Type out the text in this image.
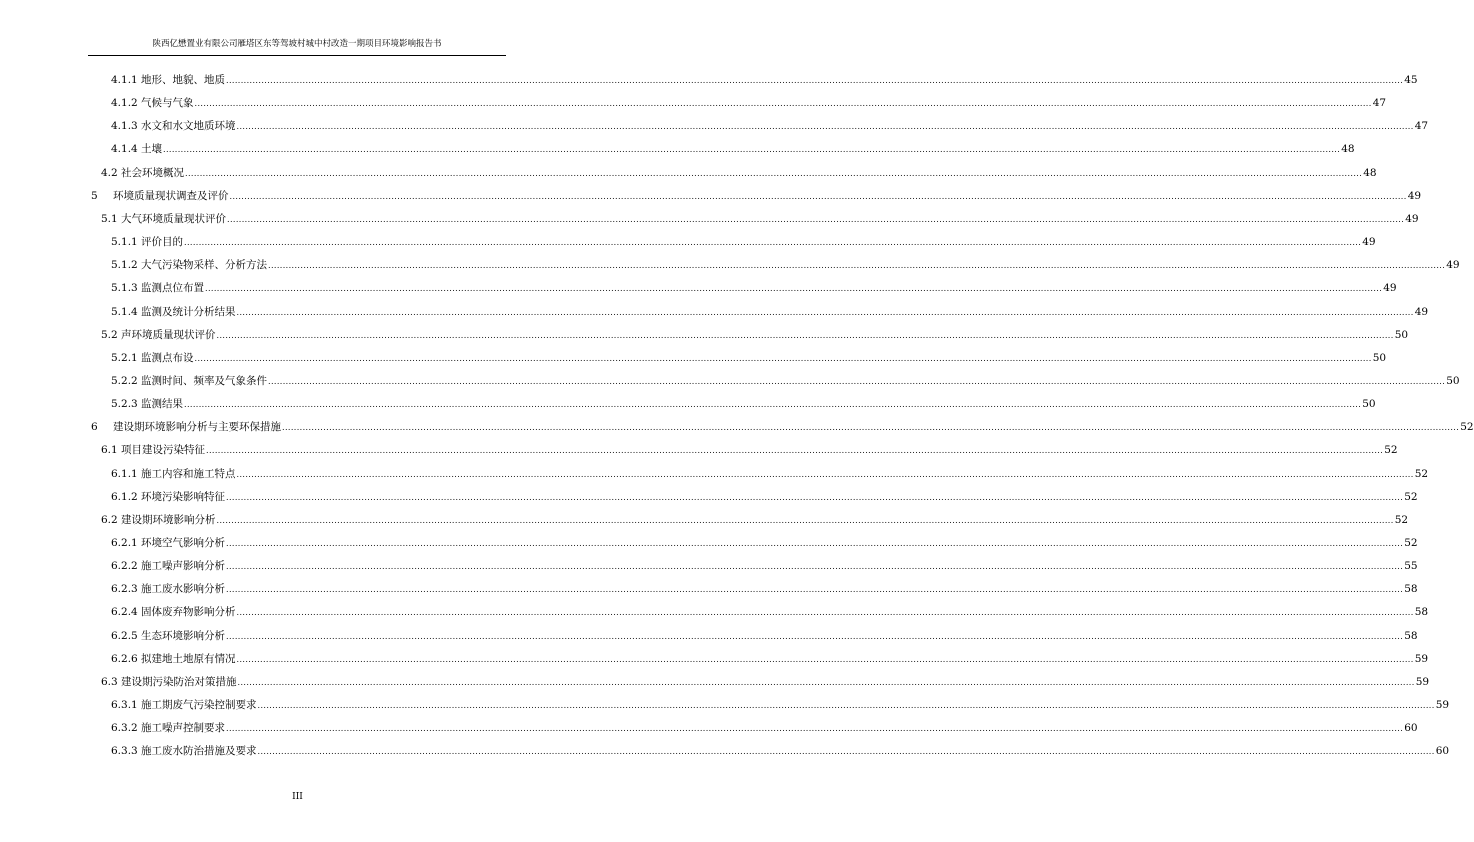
陕西亿懋置业有限公司雁塔区东等驾坡村城中村改造一期项目环境影响报告书
4.1.1 地形、地貌、地质 ................................................................................................................................................................................................................................................................................................................................................................................................................ 45
4.1.2 气候与气象 ................................................................................................................................................................................................................................................................................................................................................................................................................ 47
4.1.3 水文和水文地质环境 ................................................................................................................................................................................................................................................................................................................................................................................................................ 47
4.1.4 土壤 ................................................................................................................................................................................................................................................................................................................................................................................................................ 48
4.2 社会环境概况 ................................................................................................................................................................................................................................................................................................................................................................................................................ 48
5	环境质量现状调查及评价 ................................................................................................................................................................................................................................................................................................................................................................................................................ 49
5.1 大气环境质量现状评价 ................................................................................................................................................................................................................................................................................................................................................................................................................ 49
5.1.1 评价目的 ................................................................................................................................................................................................................................................................................................................................................................................................................ 49
5.1.2 大气污染物采样、分析方法 ................................................................................................................................................................................................................................................................................................................................................................................................................ 49
5.1.3 监测点位布置 ................................................................................................................................................................................................................................................................................................................................................................................................................ 49
5.1.4 监测及统计分析结果 ................................................................................................................................................................................................................................................................................................................................................................................................................ 49
5.2 声环境质量现状评价 ................................................................................................................................................................................................................................................................................................................................................................................................................ 50
5.2.1 监测点布设 ................................................................................................................................................................................................................................................................................................................................................................................................................ 50
5.2.2 监测时间、频率及气象条件 ................................................................................................................................................................................................................................................................................................................................................................................................................ 50
5.2.3 监测结果 ................................................................................................................................................................................................................................................................................................................................................................................................................ 50
6	建设期环境影响分析与主要环保措施 ................................................................................................................................................................................................................................................................................................................................................................................................................ 52
6.1 项目建设污染特征 ................................................................................................................................................................................................................................................................................................................................................................................................................ 52
6.1.1 施工内容和施工特点 ................................................................................................................................................................................................................................................................................................................................................................................................................ 52
6.1.2 环境污染影响特征 ................................................................................................................................................................................................................................................................................................................................................................................................................ 52
6.2 建设期环境影响分析 ................................................................................................................................................................................................................................................................................................................................................................................................................ 52
6.2.1 环境空气影响分析 ................................................................................................................................................................................................................................................................................................................................................................................................................ 52
6.2.2 施工噪声影响分析 ................................................................................................................................................................................................................................................................................................................................................................................................................ 55
6.2.3 施工废水影响分析 ................................................................................................................................................................................................................................................................................................................................................................................................................ 58
6.2.4 固体废弃物影响分析 ................................................................................................................................................................................................................................................................................................................................................................................................................ 58
6.2.5 生态环境影响分析 ................................................................................................................................................................................................................................................................................................................................................................................................................ 58
6.2.6 拟建地土地原有情况 ................................................................................................................................................................................................................................................................................................................................................................................................................ 59
6.3 建设期污染防治对策措施 ................................................................................................................................................................................................................................................................................................................................................................................................................ 59
6.3.1 施工期废气污染控制要求 ................................................................................................................................................................................................................................................................................................................................................................................................................ 59
6.3.2 施工噪声控制要求 ................................................................................................................................................................................................................................................................................................................................................................................................................ 60
6.3.3 施工废水防治措施及要求 ................................................................................................................................................................................................................................................................................................................................................................................................................ 60
III
